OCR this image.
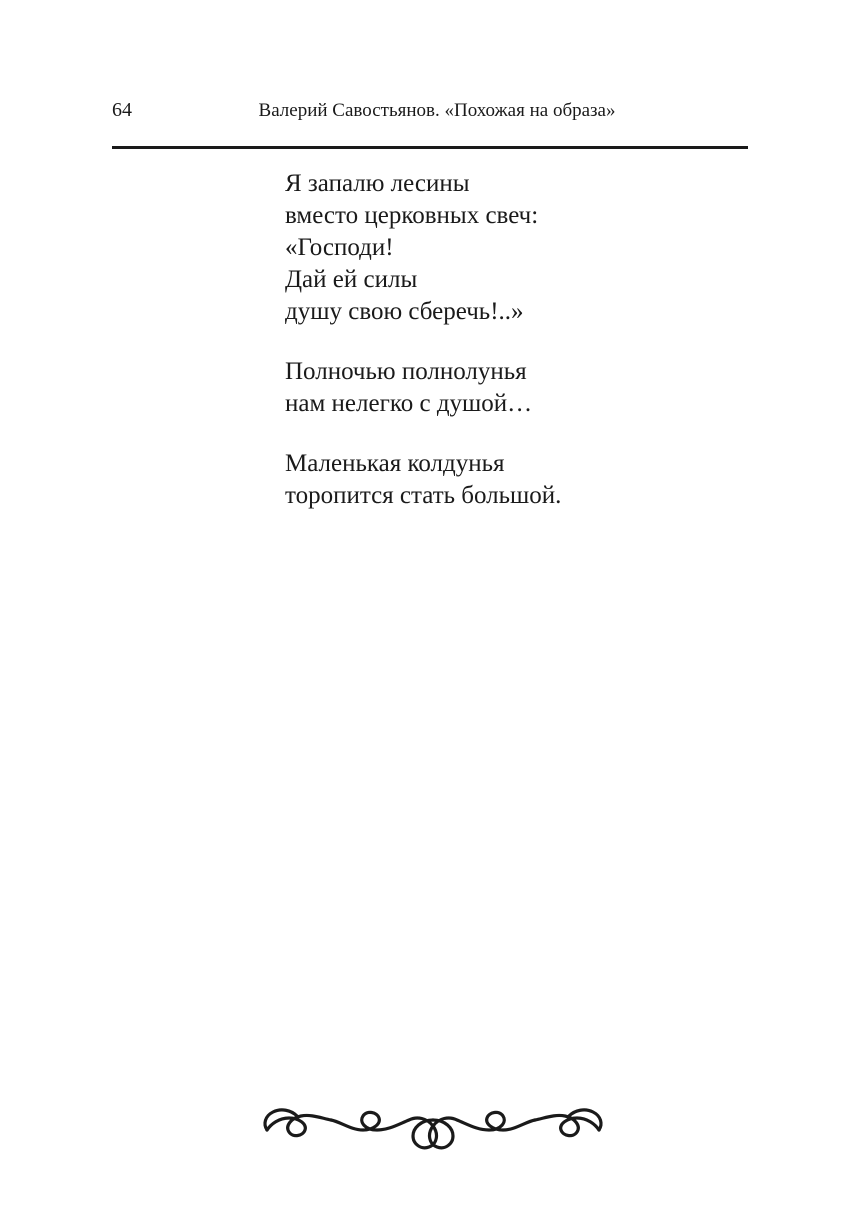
64	Валерий Савостьянов. «Похожая на образа»
Я запалю лесины
вместо церковных свеч:
«Господи!
Дай ей силы
душу свою сберечь!..»
Полночью полнолунья
нам нелегко с душой…
Маленькая колдунья
торопится стать большой.
